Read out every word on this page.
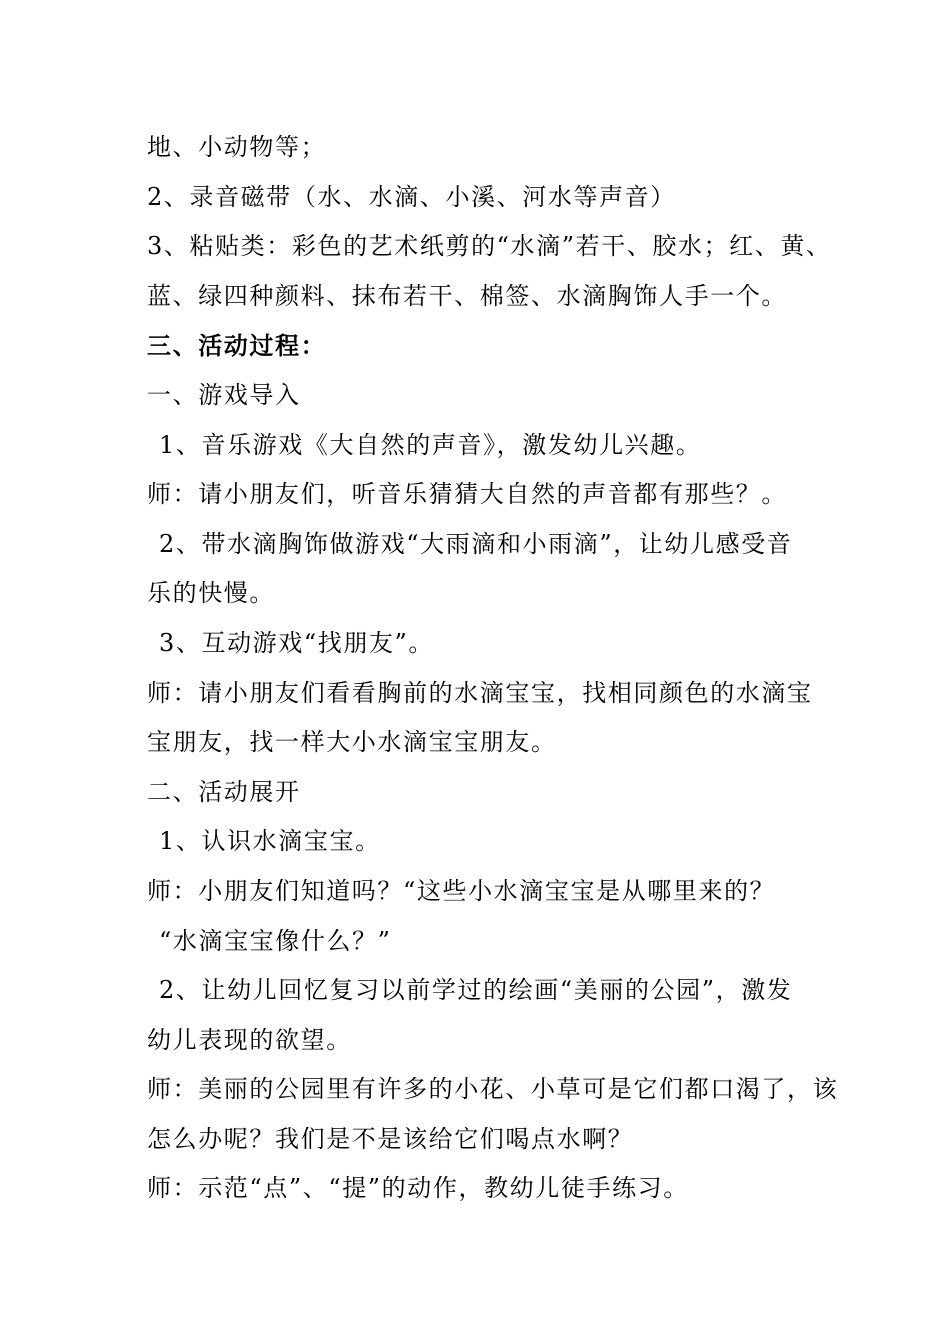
地、小动物等；
2、录音磁带（水、水滴、小溪、河水等声音）
3、粘贴类：彩色的艺术纸剪的“水滴”若干、胶水；红、黄、
蓝、绿四种颜料、抹布若干、棉签、水滴胸饰人手一个。
三、活动过程：
一、游戏导入
1、音乐游戏《大自然的声音》，激发幼儿兴趣。
师：请小朋友们，听音乐猜猜大自然的声音都有那些？。
2、带水滴胸饰做游戏“大雨滴和小雨滴”，让幼儿感受音
乐的快慢。
3、互动游戏“找朋友”。
师：请小朋友们看看胸前的水滴宝宝，找相同颜色的水滴宝
宝朋友，找一样大小水滴宝宝朋友。
二、活动展开
1、认识水滴宝宝。
师：小朋友们知道吗？“这些小水滴宝宝是从哪里来的？
“水滴宝宝像什么？”
2、让幼儿回忆复习以前学过的绘画“美丽的公园”，激发
幼儿表现的欲望。
师：美丽的公园里有许多的小花、小草可是它们都口渴了，该
怎么办呢？我们是不是该给它们喝点水啊？
师：示范“点”、“提”的动作，教幼儿徒手练习。
